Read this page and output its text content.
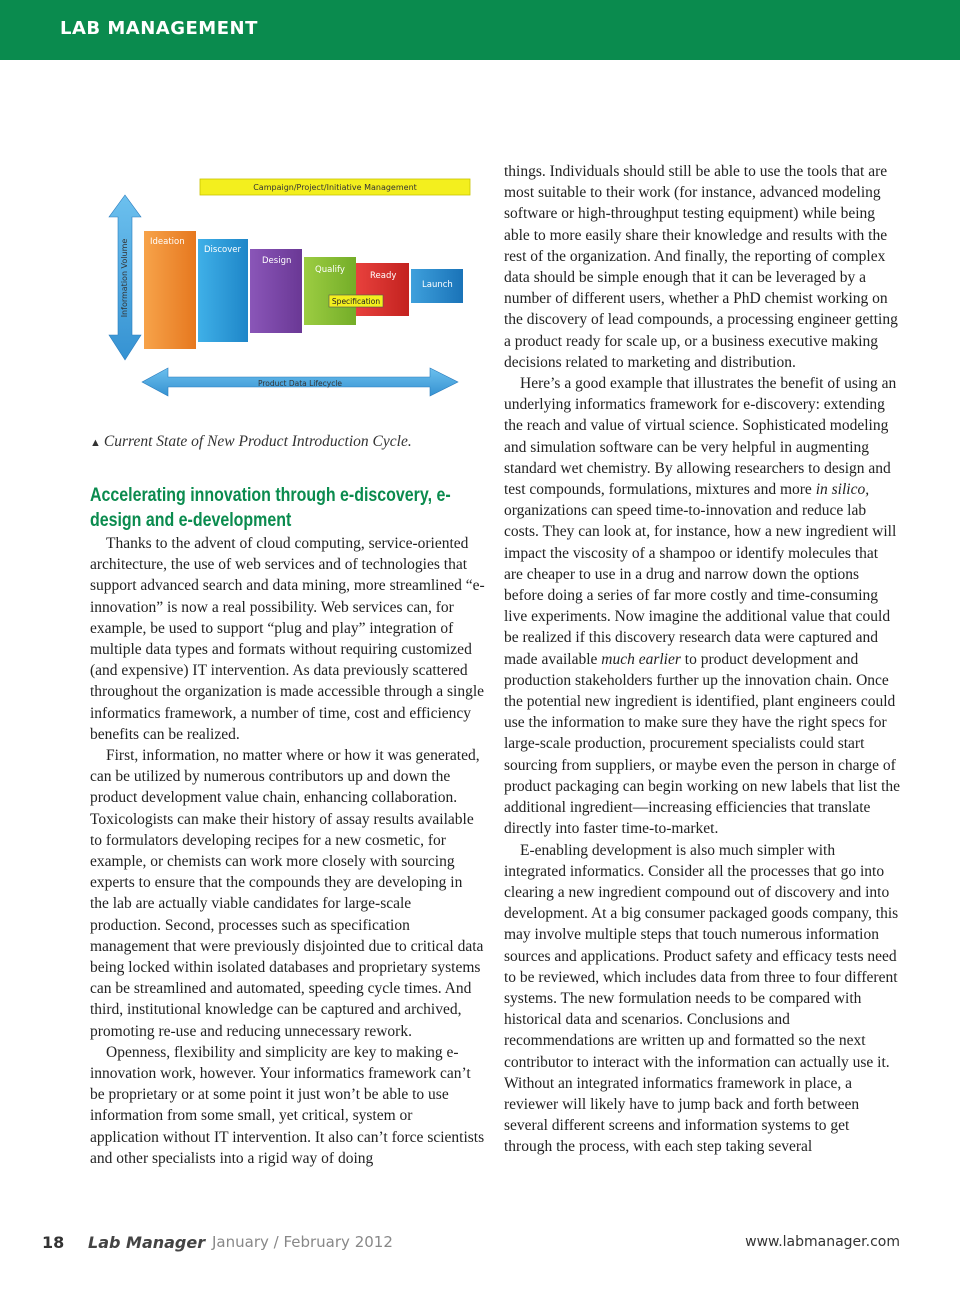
LAB MANAGEMENT
Campaign/Project/Initiative Management
Information Volume
Product Data Lifecycle
Ideation
Discover
Design
Qualify
Ready
Launch
Specification
▲ Current State of New Product Introduction Cycle.
Accelerating innovation through e-discovery, e-design and e-development

Thanks to the advent of cloud computing, service-oriented architecture, the use of web services and of technologies that support advanced search and data mining, more streamlined “e-innovation” is now a real possibility. Web services can, for example, be used to support “plug and play” integration of multiple data types and formats without requiring customized (and expensive) IT intervention. As data previously scattered throughout the organization is made accessible through a single informatics framework, a number of time, cost and efficiency benefits can be realized.

First, information, no matter where or how it was generated, can be utilized by numerous contributors up and down the product development value chain, enhancing collaboration. Toxicologists can make their history of assay results available to formulators developing recipes for a new cosmetic, for example, or chemists can work more closely with sourcing experts to ensure that the compounds they are developing in the lab are actually viable candidates for large-scale production. Second, processes such as specification management that were previously disjointed due to critical data being locked within isolated databases and proprietary systems can be streamlined and automated, speeding cycle times. And third, institutional knowledge can be captured and archived, promoting re-use and reducing unnecessary rework.

Openness, flexibility and simplicity are key to making e-innovation work, however. Your informatics framework can’t be proprietary or at some point it just won’t be able to use information from some small, yet critical, system or application without IT intervention. It also can’t force scientists and other specialists into a rigid way of doing

things. Individuals should still be able to use the tools that are most suitable to their work (for instance, advanced modeling software or high-throughput testing equipment) while being able to more easily share their knowledge and results with the rest of the organization. And finally, the reporting of complex data should be simple enough that it can be leveraged by a number of different users, whether a PhD chemist working on the discovery of lead compounds, a processing engineer getting a product ready for scale up, or a business executive making decisions related to marketing and distribution.

Here’s a good example that illustrates the benefit of using an underlying informatics framework for e-discovery: extending the reach and value of virtual science. Sophisticated modeling and simulation software can be very helpful in augmenting standard wet chemistry. By allowing researchers to design and test compounds, formulations, mixtures and more in silico, organizations can speed time-to-innovation and reduce lab costs. They can look at, for instance, how a new ingredient will impact the viscosity of a shampoo or identify molecules that are cheaper to use in a drug and narrow down the options before doing a series of far more costly and time-consuming live experiments. Now imagine the additional value that could be realized if this discovery research data were captured and made available much earlier to product development and production stakeholders further up the innovation chain. Once the potential new ingredient is identified, plant engineers could use the information to make sure they have the right specs for large-scale production, procurement specialists could start sourcing from suppliers, or maybe even the person in charge of product packaging can begin working on new labels that list the additional ingredient—increasing efficiencies that translate directly into faster time-to-market.

E-enabling development is also much simpler with integrated informatics. Consider all the processes that go into clearing a new ingredient compound out of discovery and into development. At a big consumer packaged goods company, this may involve multiple steps that touch numerous information sources and applications. Product safety and efficacy tests need to be reviewed, which includes data from three to four different systems. The new formulation needs to be compared with historical data and scenarios. Conclusions and recommendations are written up and formatted so the next contributor to interact with the information can actually use it. Without an integrated informatics framework in place, a reviewer will likely have to jump back and forth between several different screens and information systems to get through the process, with each step taking several

18 Lab Manager January / February 2012	www.labmanager.com
